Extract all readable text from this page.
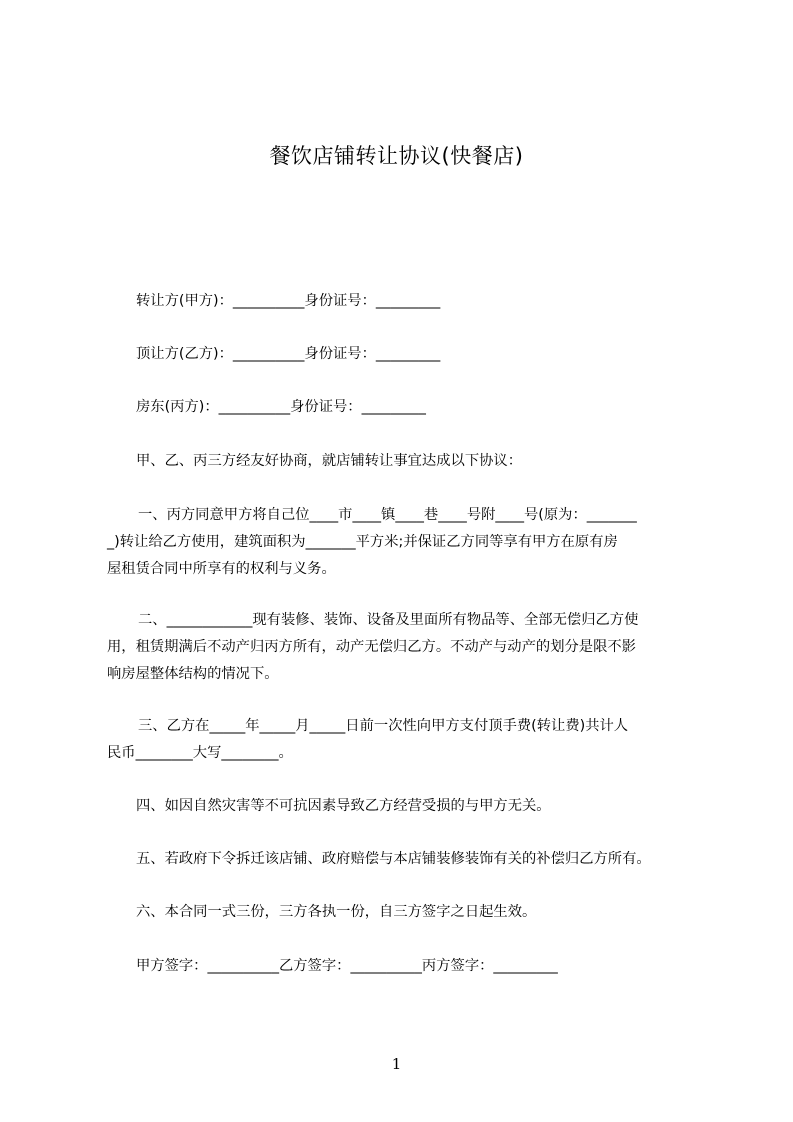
餐饮店铺转让协议(快餐店)
转让方(甲方)：__________身份证号：_________
顶让方(乙方)：__________身份证号：_________
房东(丙方)：__________身份证号：_________
甲、乙、丙三方经友好协商，就店铺转让事宜达成以下协议：
一、丙方同意甲方将自己位____市____镇____巷____号附____号(原为：_______
_)转让给乙方使用，建筑面积为_______平方米;并保证乙方同等享有甲方在原有房
屋租赁合同中所享有的权利与义务。
二、____________现有装修、装饰、设备及里面所有物品等、全部无偿归乙方使
用，租赁期满后不动产归丙方所有，动产无偿归乙方。不动产与动产的划分是限不影
响房屋整体结构的情况下。
三、乙方在_____年_____月_____日前一次性向甲方支付顶手费(转让费)共计人
民币________大写________。
四、如因自然灾害等不可抗因素导致乙方经营受损的与甲方无关。
五、若政府下令拆迁该店铺、政府赔偿与本店铺装修装饰有关的补偿归乙方所有。
六、本合同一式三份，三方各执一份，自三方签字之日起生效。
甲方签字：__________乙方签字：__________丙方签字：_________
1
